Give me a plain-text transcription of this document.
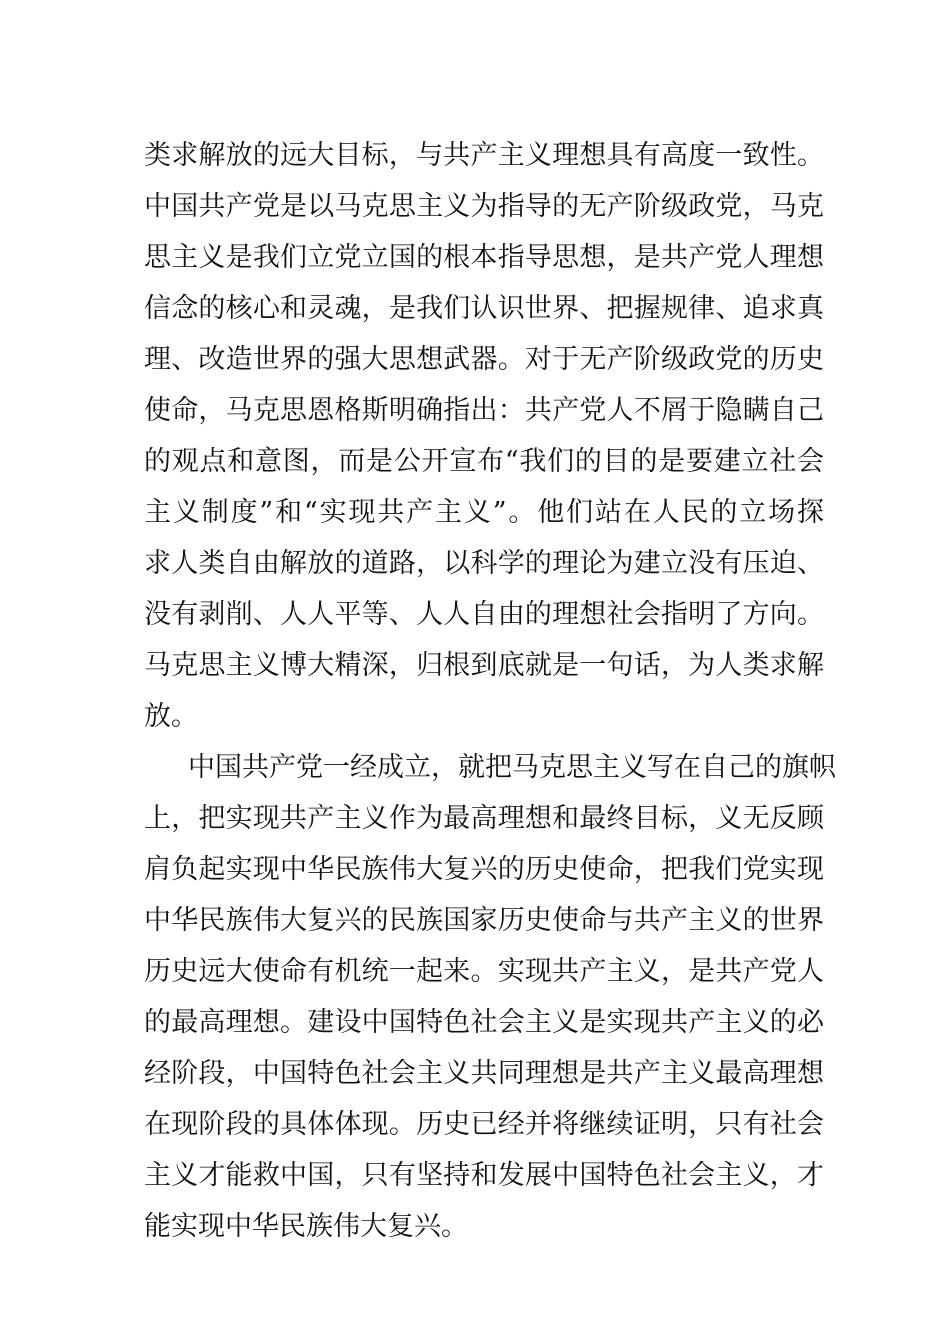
类求解放的远大目标，与共产主义理想具有高度一致性。
中国共产党是以马克思主义为指导的无产阶级政党，马克
思主义是我们立党立国的根本指导思想，是共产党人理想
信念的核心和灵魂，是我们认识世界、把握规律、追求真
理、改造世界的强大思想武器。对于无产阶级政党的历史
使命，马克思恩格斯明确指出：共产党人不屑于隐瞒自己
的观点和意图，而是公开宣布“我们的目的是要建立社会
主义制度”和“实现共产主义”。他们站在人民的立场探
求人类自由解放的道路，以科学的理论为建立没有压迫、
没有剥削、人人平等、人人自由的理想社会指明了方向。
马克思主义博大精深，归根到底就是一句话，为人类求解
放。
中国共产党一经成立，就把马克思主义写在自己的旗帜
上，把实现共产主义作为最高理想和最终目标，义无反顾
肩负起实现中华民族伟大复兴的历史使命，把我们党实现
中华民族伟大复兴的民族国家历史使命与共产主义的世界
历史远大使命有机统一起来。实现共产主义，是共产党人
的最高理想。建设中国特色社会主义是实现共产主义的必
经阶段，中国特色社会主义共同理想是共产主义最高理想
在现阶段的具体体现。历史已经并将继续证明，只有社会
主义才能救中国，只有坚持和发展中国特色社会主义，才
能实现中华民族伟大复兴。
